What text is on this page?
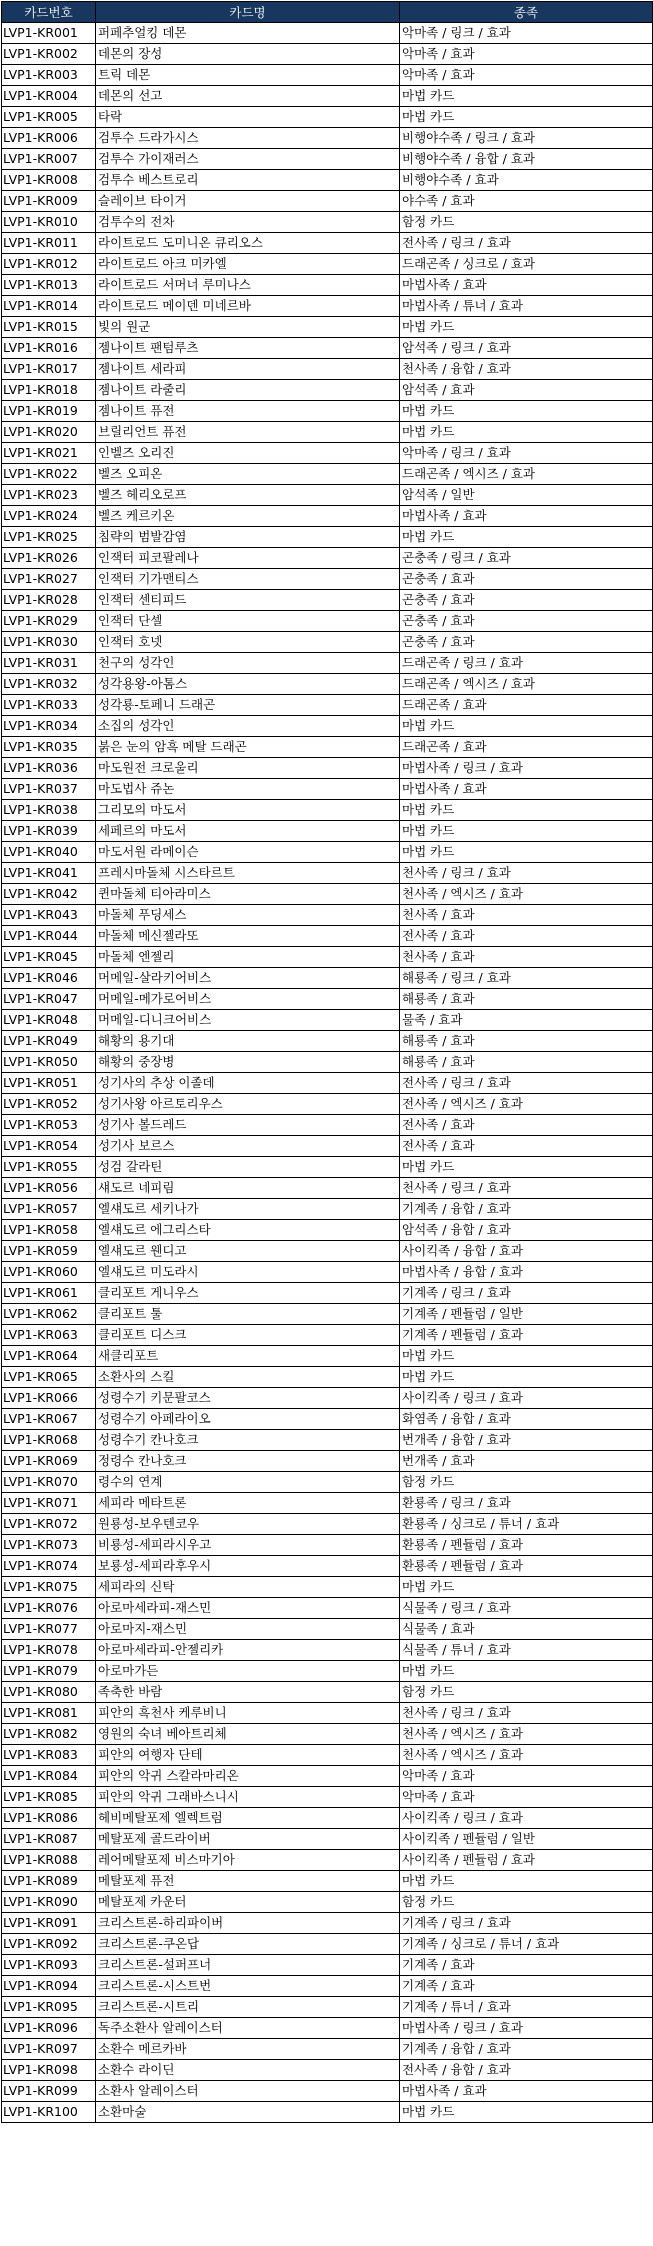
카드번호	카드명	종족
LVP1-KR001	퍼페추얼킹 데몬	악마족 / 링크 / 효과
LVP1-KR002	데몬의 장성	악마족 / 효과
LVP1-KR003	트릭 데몬	악마족 / 효과
LVP1-KR004	데몬의 선고	마법 카드
LVP1-KR005	타락	마법 카드
LVP1-KR006	검투수 드라가시스	비행야수족 / 링크 / 효과
LVP1-KR007	검투수 가이재러스	비행야수족 / 융합 / 효과
LVP1-KR008	검투수 베스트로리	비행야수족 / 효과
LVP1-KR009	슬레이브 타이거	야수족 / 효과
LVP1-KR010	검투수의 전차	함정 카드
LVP1-KR011	라이트로드 도미니온 큐리오스	전사족 / 링크 / 효과
LVP1-KR012	라이트로드 아크 미카엘	드래곤족 / 싱크로 / 효과
LVP1-KR013	라이트로드 서머너 루미나스	마법사족 / 효과
LVP1-KR014	라이트로드 메이덴 미네르바	마법사족 / 튜너 / 효과
LVP1-KR015	빛의 원군	마법 카드
LVP1-KR016	젬나이트 팬텀루츠	암석족 / 링크 / 효과
LVP1-KR017	젬나이트 세라피	천사족 / 융합 / 효과
LVP1-KR018	젬나이트 라줄리	암석족 / 효과
LVP1-KR019	젬나이트 퓨전	마법 카드
LVP1-KR020	브릴리언트 퓨전	마법 카드
LVP1-KR021	인벨즈 오리진	악마족 / 링크 / 효과
LVP1-KR022	벨즈 오피온	드래곤족 / 엑시즈 / 효과
LVP1-KR023	벨즈 헤리오로프	암석족 / 일반
LVP1-KR024	벨즈 케르키온	마법사족 / 효과
LVP1-KR025	침략의 범발감염	마법 카드
LVP1-KR026	인잭터 피코팔레나	곤충족 / 링크 / 효과
LVP1-KR027	인잭터 기가맨티스	곤충족 / 효과
LVP1-KR028	인잭터 센티피드	곤충족 / 효과
LVP1-KR029	인잭터 단셀	곤충족 / 효과
LVP1-KR030	인잭터 호넷	곤충족 / 효과
LVP1-KR031	천구의 성각인	드래곤족 / 링크 / 효과
LVP1-KR032	성각용왕-아톰스	드래곤족 / 엑시즈 / 효과
LVP1-KR033	성각룡-토페니 드래곤	드래곤족 / 효과
LVP1-KR034	소집의 성각인	마법 카드
LVP1-KR035	붉은 눈의 암흑 메탈 드래곤	드래곤족 / 효과
LVP1-KR036	마도원전 크로울리	마법사족 / 링크 / 효과
LVP1-KR037	마도법사 쥬논	마법사족 / 효과
LVP1-KR038	그리모의 마도서	마법 카드
LVP1-KR039	세페르의 마도서	마법 카드
LVP1-KR040	마도서원 라메이슨	마법 카드
LVP1-KR041	프레시마돌체 시스타르트	천사족 / 링크 / 효과
LVP1-KR042	퀸마돌체 티아라미스	천사족 / 엑시즈 / 효과
LVP1-KR043	마돌체 푸딩세스	천사족 / 효과
LVP1-KR044	마돌체 메신젤라또	전사족 / 효과
LVP1-KR045	마돌체 엔젤리	천사족 / 효과
LVP1-KR046	머메일-살라키어비스	해룡족 / 링크 / 효과
LVP1-KR047	머메일-메가로어비스	해룡족 / 효과
LVP1-KR048	머메일-디니크어비스	물족 / 효과
LVP1-KR049	해황의 용기대	해룡족 / 효과
LVP1-KR050	해황의 중장병	해룡족 / 효과
LVP1-KR051	성기사의 추상 이졸데	전사족 / 링크 / 효과
LVP1-KR052	성기사왕 아르토리우스	전사족 / 엑시즈 / 효과
LVP1-KR053	성기사 볼드레드	전사족 / 효과
LVP1-KR054	성기사 보르스	전사족 / 효과
LVP1-KR055	성검 갈라틴	마법 카드
LVP1-KR056	섀도르 네피림	천사족 / 링크 / 효과
LVP1-KR057	엘섀도르 세키나가	기계족 / 융합 / 효과
LVP1-KR058	엘섀도르 에그리스타	암석족 / 융합 / 효과
LVP1-KR059	엘섀도르 웬디고	사이킥족 / 융합 / 효과
LVP1-KR060	엘섀도르 미도라시	마법사족 / 융합 / 효과
LVP1-KR061	클리포트 게니우스	기계족 / 링크 / 효과
LVP1-KR062	클리포트 툴	기계족 / 펜듈럼 / 일반
LVP1-KR063	클리포트 디스크	기계족 / 펜듈럼 / 효과
LVP1-KR064	새클리포트	마법 카드
LVP1-KR065	소환사의 스킬	마법 카드
LVP1-KR066	성령수기 키문팔코스	사이킥족 / 링크 / 효과
LVP1-KR067	성령수기 아페라이오	화염족 / 융합 / 효과
LVP1-KR068	성령수기 칸나호크	번개족 / 융합 / 효과
LVP1-KR069	정령수 칸나호크	번개족 / 효과
LVP1-KR070	령수의 연계	함정 카드
LVP1-KR071	세피라 메타트론	환룡족 / 링크 / 효과
LVP1-KR072	원룡성-보우텐코우	환룡족 / 싱크로 / 튜너 / 효과
LVP1-KR073	비룡성-세피라시우고	환룡족 / 펜듈럼 / 효과
LVP1-KR074	보룡성-세피라후우시	환룡족 / 펜듈럼 / 효과
LVP1-KR075	세피라의 신탁	마법 카드
LVP1-KR076	아로마세라피-재스민	식물족 / 링크 / 효과
LVP1-KR077	아로마지-재스민	식물족 / 효과
LVP1-KR078	아로마세라피-안젤리카	식물족 / 튜너 / 효과
LVP1-KR079	아로마가든	마법 카드
LVP1-KR080	족축한 바람	함정 카드
LVP1-KR081	피안의 흑천사 케루비니	천사족 / 링크 / 효과
LVP1-KR082	영원의 숙녀 베아트리체	천사족 / 엑시즈 / 효과
LVP1-KR083	피안의 여행자 단테	천사족 / 엑시즈 / 효과
LVP1-KR084	피안의 악귀 스칼라마리온	악마족 / 효과
LVP1-KR085	피안의 악귀 그래바스니시	악마족 / 효과
LVP1-KR086	헤비메탈포제 엘렉트럼	사이킥족 / 링크 / 효과
LVP1-KR087	메탈포제 골드라이버	사이킥족 / 펜듈럼 / 일반
LVP1-KR088	레어메탈포제 비스마기아	사이킥족 / 펜듈럼 / 효과
LVP1-KR089	메탈포제 퓨전	마법 카드
LVP1-KR090	메탈포제 카운터	함정 카드
LVP1-KR091	크리스트론-하리파이버	기계족 / 링크 / 효과
LVP1-KR092	크리스트론-쿠온답	기계족 / 싱크로 / 튜너 / 효과
LVP1-KR093	크리스트론-설퍼프너	기계족 / 효과
LVP1-KR094	크리스트론-시스트번	기계족 / 효과
LVP1-KR095	크리스트론-시트리	기계족 / 튜너 / 효과
LVP1-KR096	독주소환사 알레이스터	마법사족 / 링크 / 효과
LVP1-KR097	소환수 메르카바	기계족 / 융합 / 효과
LVP1-KR098	소환수 라이딘	전사족 / 융합 / 효과
LVP1-KR099	소환사 알레이스터	마법사족 / 효과
LVP1-KR100	소환마술	마법 카드
